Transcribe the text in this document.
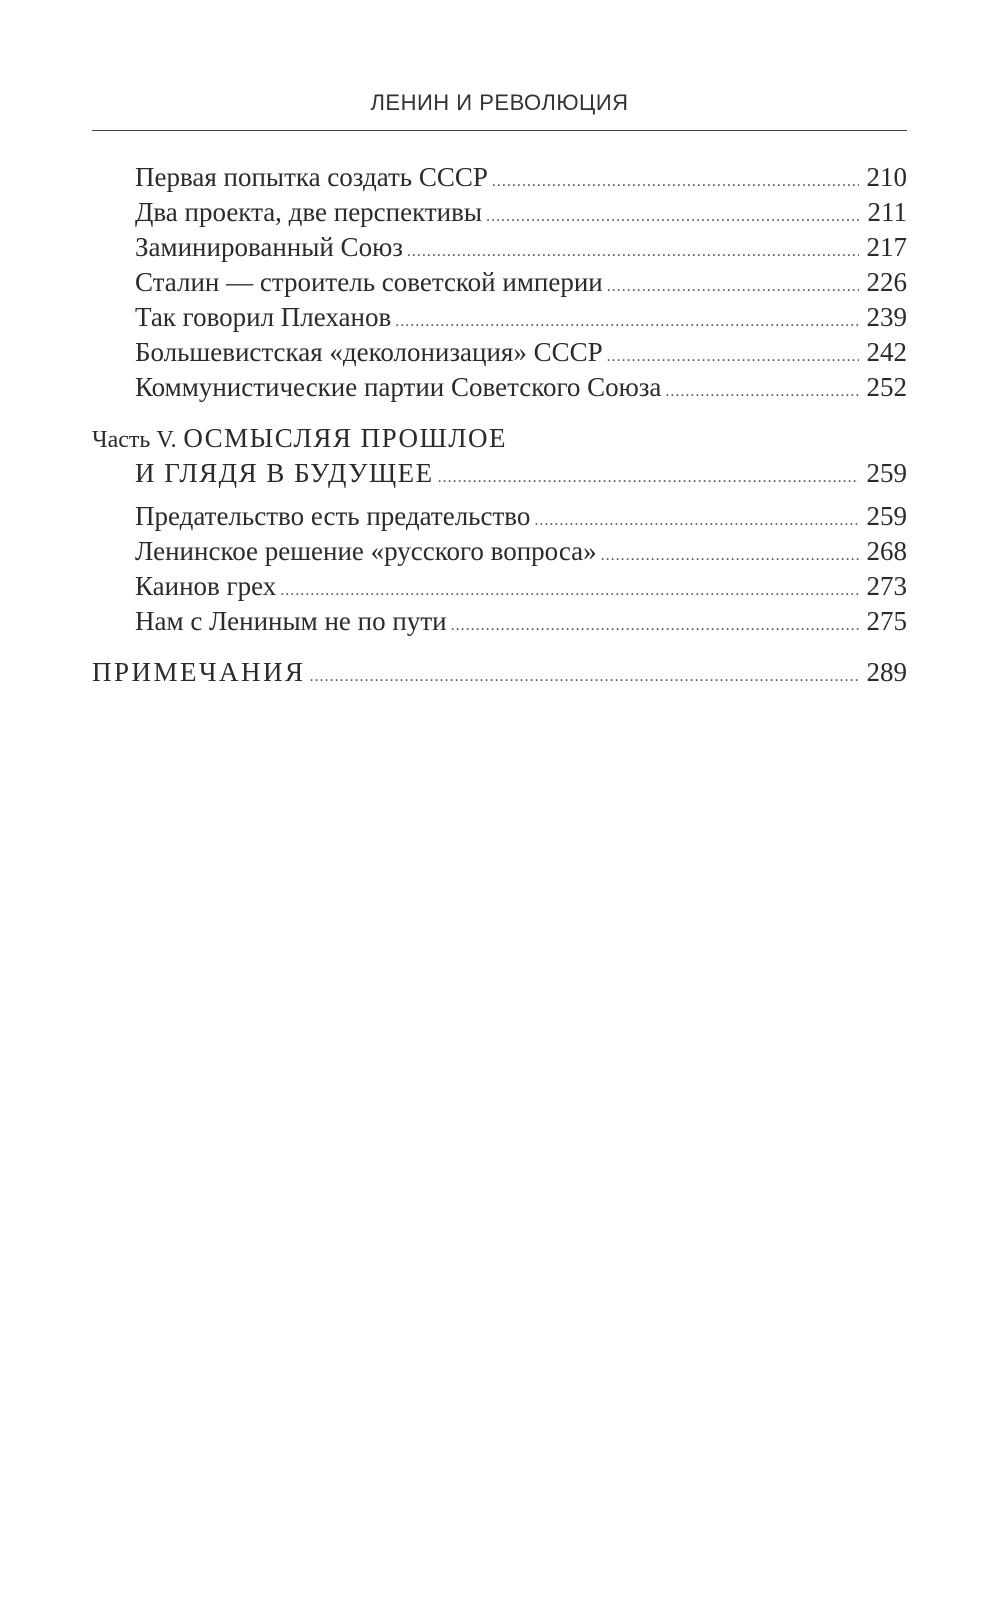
ЛЕНИН И РЕВОЛЮЦИЯ
Первая попытка создать СССР .....	210
Два проекта, две перспективы .....	211
Заминированный Союз .....	217
Сталин — строитель советской империи .....	226
Так говорил Плеханов .....	239
Большевистская «деколонизация» СССР .....	242
Коммунистические партии Советского Союза .....	252
Часть V. ОСМЫСЛЯЯ ПРОШЛОЕ
И ГЛЯДЯ В БУДУЩЕЕ .....	259
Предательство есть предательство .....	259
Ленинское решение «русского вопроса» .....	268
Каинов грех .....	273
Нам с Лениным не по пути .....	275
ПРИМЕЧАНИЯ .....	289
